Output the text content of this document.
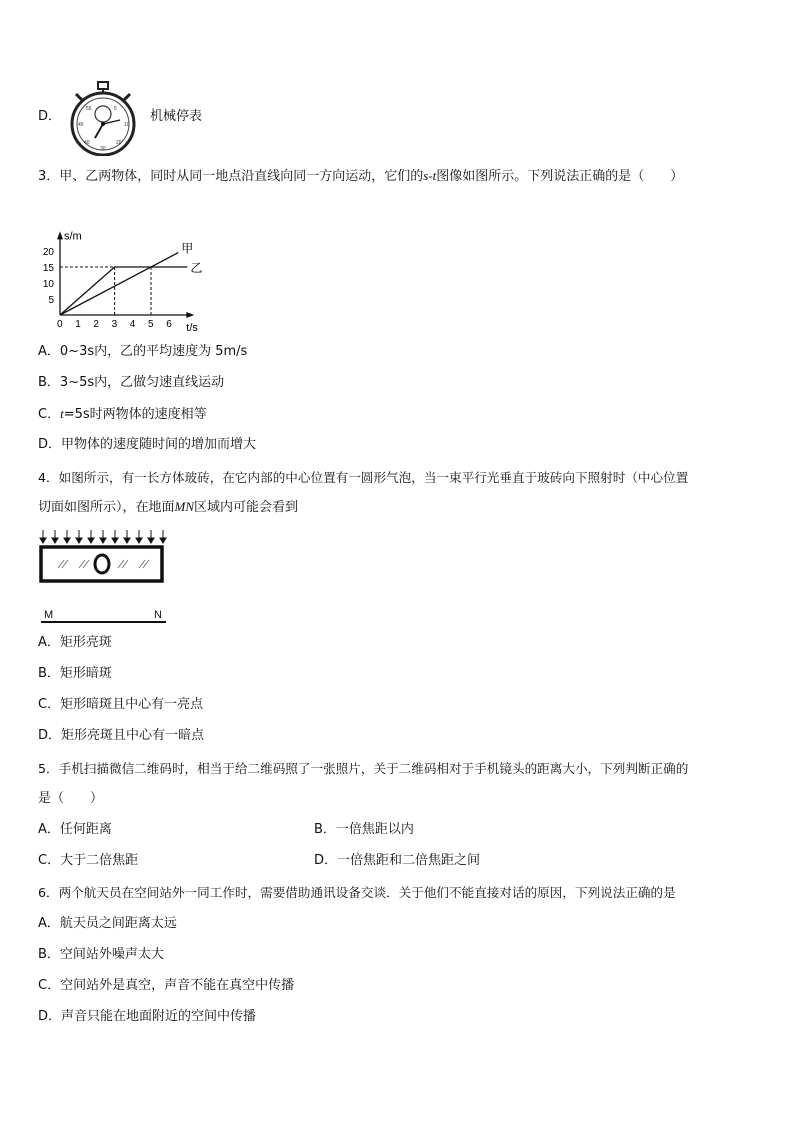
D．	55	5
10
45
20
40
30
机械停表
3．甲、乙两物体，同时从同一地点沿直线向同一方向运动，它们的s-t图像如图所示。下列说法正确的是（　　）
s/m
t/s
0 1 2 3 4 5 6
5
10
15
20	甲
乙
A．0~3s内，乙的平均速度为 5m/s
B．3~5s内，乙做匀速直线运动
C．t=5s时两物体的速度相等
D．甲物体的速度随时间的增加而增大
4．如图所示，有一长方体玻砖，在它内部的中心位置有一圆形气泡，当一束平行光垂直于玻砖向下照射时（中心位置
切面如图所示），在地面MN区域内可能会看到
M	N
A．矩形亮斑
B．矩形暗斑
C．矩形暗斑且中心有一亮点
D．矩形亮斑且中心有一暗点
5．手机扫描微信二维码时，相当于给二维码照了一张照片，关于二维码相对于手机镜头的距离大小，下列判断正确的
是（　　）
A．任何距离	B．一倍焦距以内
C．大于二倍焦距	D．一倍焦距和二倍焦距之间
6．两个航天员在空间站外一同工作时，需要借助通讯设备交谈．关于他们不能直接对话的原因，下列说法正确的是
A．航天员之间距离太远
B．空间站外噪声太大
C．空间站外是真空，声音不能在真空中传播
D．声音只能在地面附近的空间中传播
